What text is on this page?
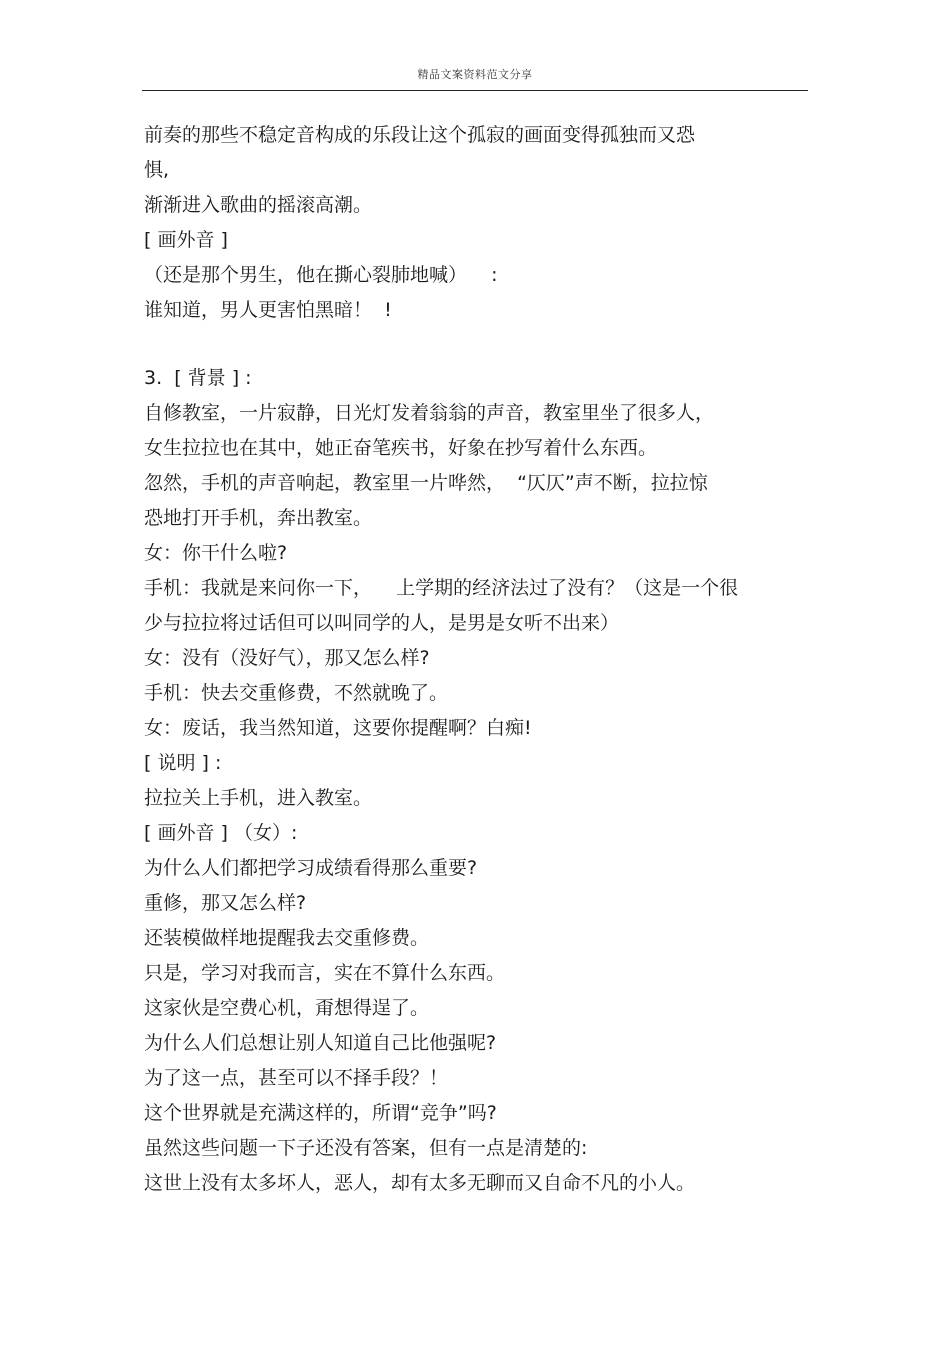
精品文案资料范文分享
前奏的那些不稳定音构成的乐段让这个孤寂的画面变得孤独而又恐
惧,
渐渐进入歌曲的摇滚高潮。
[ 画外音 ]
（还是那个男生，他在撕心裂肺地喊）    :
谁知道，男人更害怕黑暗！  !
3.  [ 背景 ] :
自修教室，一片寂静，日光灯发着翁翁的声音，教室里坐了很多人，
女生拉拉也在其中，她正奋笔疾书，好象在抄写着什么东西。
忽然，手机的声音响起，教室里一片哗然，  “仄仄”声不断，拉拉惊
恐地打开手机，奔出教室。
女：你干什么啦?
手机：我就是来问你一下，    上学期的经济法过了没有？（这是一个很
少与拉拉将过话但可以叫同学的人，是男是女听不出来）
女：没有（没好气），那又怎么样?
手机：快去交重修费，不然就晚了。
女：废话，我当然知道，这要你提醒啊？白痴!
[ 说明 ] :
拉拉关上手机，进入教室。
[ 画外音 ] （女）:
为什么人们都把学习成绩看得那么重要?
重修，那又怎么样?
还装模做样地提醒我去交重修费。
只是，学习对我而言，实在不算什么东西。
这家伙是空费心机，甭想得逞了。
为什么人们总想让别人知道自己比他强呢?
为了这一点，甚至可以不择手段？！
这个世界就是充满这样的，所谓“竞争”吗?
虽然这些问题一下子还没有答案，但有一点是清楚的:
这世上没有太多坏人，恶人，却有太多无聊而又自命不凡的小人。
